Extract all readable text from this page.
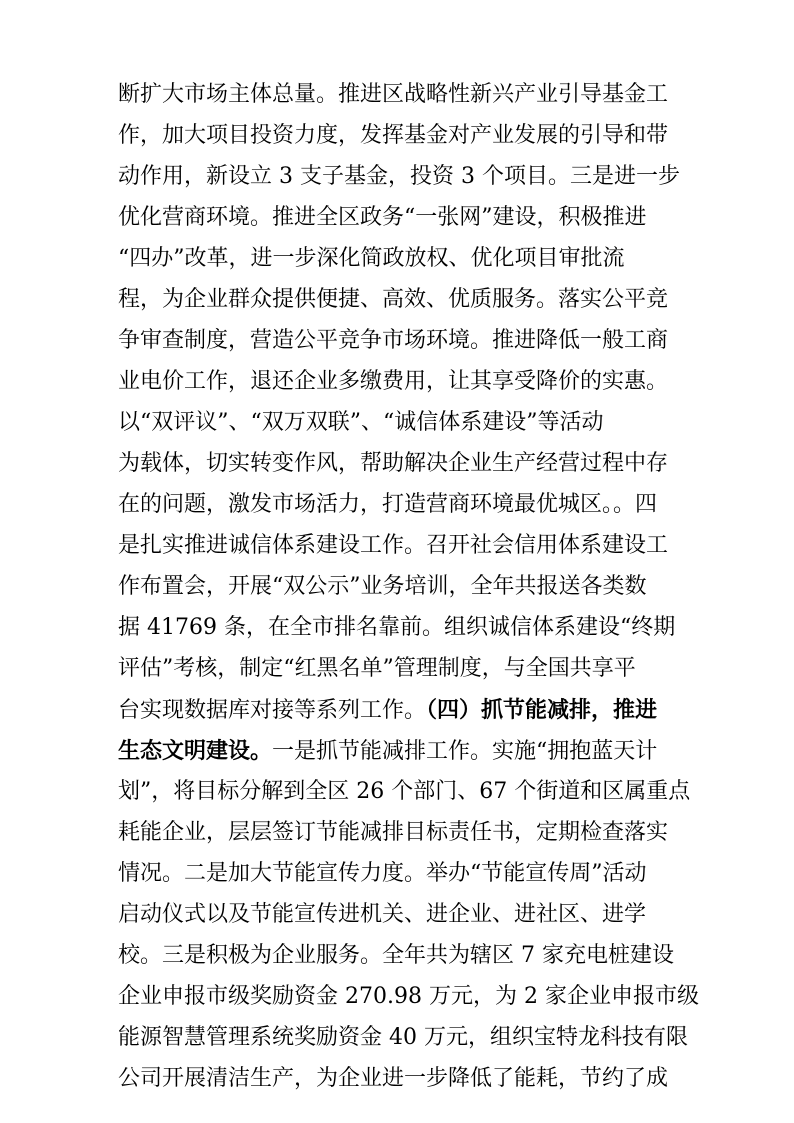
断扩大市场主体总量。推进区战略性新兴产业引导基金工
作，加大项目投资力度，发挥基金对产业发展的引导和带
动作用，新设立 3 支子基金，投资 3 个项目。三是进一步
优化营商环境。推进全区政务“一张网”建设，积极推进
“四办”改革，进一步深化简政放权、优化项目审批流
程，为企业群众提供便捷、高效、优质服务。落实公平竞
争审查制度，营造公平竞争市场环境。推进降低一般工商
业电价工作，退还企业多缴费用，让其享受降价的实惠。
以“双评议”、“双万双联”、“诚信体系建设”等活动
为载体，切实转变作风，帮助解决企业生产经营过程中存
在的问题，激发市场活力，打造营商环境最优城区。。四
是扎实推进诚信体系建设工作。召开社会信用体系建设工
作布置会，开展“双公示”业务培训，全年共报送各类数
据 41769 条，在全市排名靠前。组织诚信体系建设“终期
评估”考核，制定“红黑名单”管理制度，与全国共享平
台实现数据库对接等系列工作。（四）抓节能减排，推进
生态文明建设。一是抓节能减排工作。实施“拥抱蓝天计
划”，将目标分解到全区 26 个部门、67 个街道和区属重点
耗能企业，层层签订节能减排目标责任书，定期检查落实
情况。二是加大节能宣传力度。举办“节能宣传周”活动
启动仪式以及节能宣传进机关、进企业、进社区、进学
校。三是积极为企业服务。全年共为辖区 7 家充电桩建设
企业申报市级奖励资金 270.98 万元，为 2 家企业申报市级
能源智慧管理系统奖励资金 40 万元，组织宝特龙科技有限
公司开展清洁生产，为企业进一步降低了能耗，节约了成
